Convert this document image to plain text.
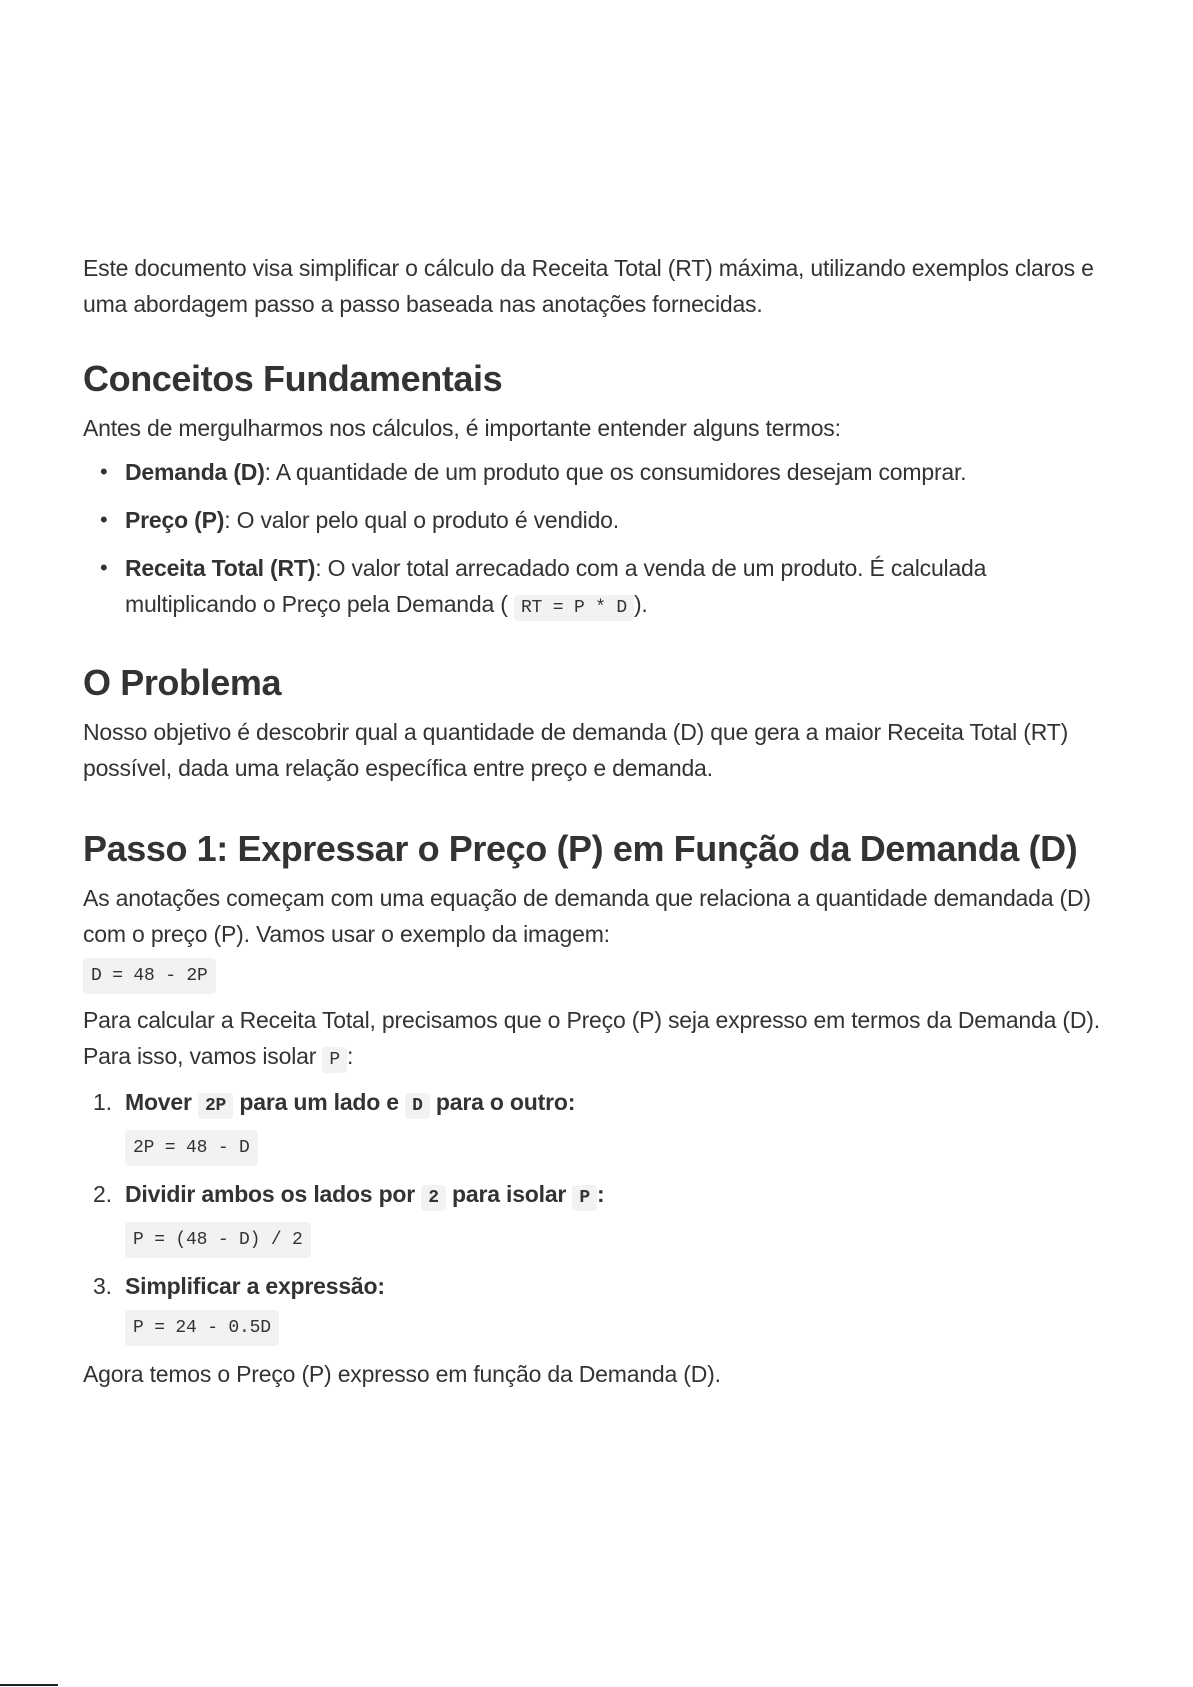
Este documento visa simplificar o cálculo da Receita Total (RT) máxima, utilizando exemplos claros e uma abordagem passo a passo baseada nas anotações fornecidas.

Conceitos Fundamentais

Antes de mergulharmos nos cálculos, é importante entender alguns termos:

• Demanda (D): A quantidade de um produto que os consumidores desejam comprar.
• Preço (P): O valor pelo qual o produto é vendido.
• Receita Total (RT): O valor total arrecadado com a venda de um produto. É calculada multiplicando o Preço pela Demanda ( RT = P * D ).
O Problema

Nosso objetivo é descobrir qual a quantidade de demanda (D) que gera a maior Receita Total (RT) possível, dada uma relação específica entre preço e demanda.

Passo 1: Expressar o Preço (P) em Função da Demanda (D)

As anotações começam com uma equação de demanda que relaciona a quantidade demandada (D) com o preço (P). Vamos usar o exemplo da imagem:

D = 48 - 2P

Para calcular a Receita Total, precisamos que o Preço (P) seja expresso em termos da Demanda (D). Para isso, vamos isolar P :

1. Mover 2P para um lado e D para o outro:
2P = 48 - D
2. Dividir ambos os lados por 2 para isolar P :
P = (48 - D) / 2
3. Simplificar a expressão:
P = 24 - 0.5D

Agora temos o Preço (P) expresso em função da Demanda (D).
